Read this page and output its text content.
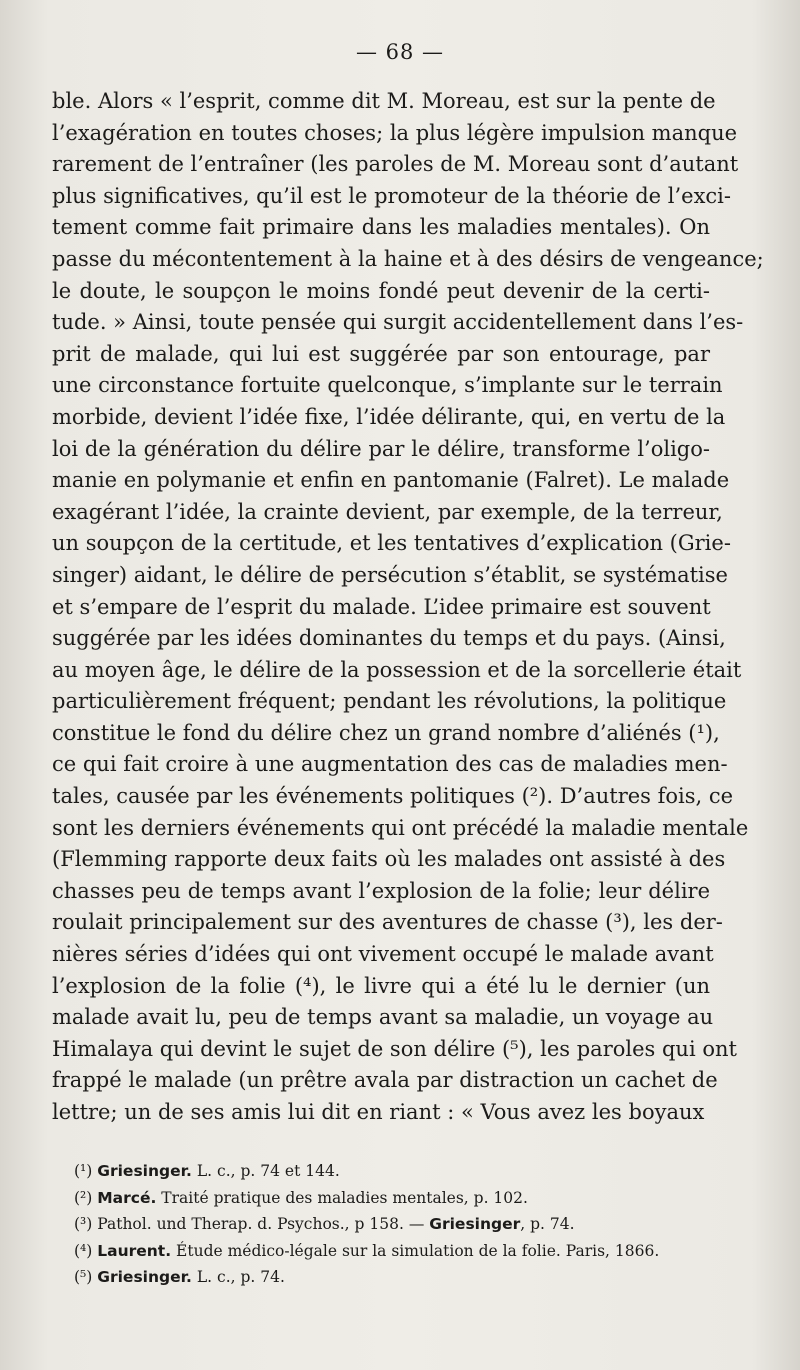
— 68 —
ble. Alors « l’esprit, comme dit M. Moreau, est sur la pente de
l’exagération en toutes choses; la plus légère impulsion manque
rarement de l’entraîner (les paroles de M. Moreau sont d’autant
plus significatives, qu’il est le promoteur de la théorie de l’exci-
tement comme fait primaire dans les maladies mentales). On
passe du mécontentement à la haine et à des désirs de vengeance;
le doute, le soupçon le moins fondé peut devenir de la certi-
tude. » Ainsi, toute pensée qui surgit accidentellement dans l’es-
prit de malade, qui lui est suggérée par son entourage, par
une circonstance fortuite quelconque, s’implante sur le terrain
morbide, devient l’idée fixe, l’idée délirante, qui, en vertu de la
loi de la génération du délire par le délire, transforme l’oligo-
manie en polymanie et enfin en pantomanie (Falret). Le malade
exagérant l’idée, la crainte devient, par exemple, de la terreur,
un soupçon de la certitude, et les tentatives d’explication (Grie-
singer) aidant, le délire de persécution s’établit, se systématise
et s’empare de l’esprit du malade. L’idee primaire est souvent
suggérée par les idées dominantes du temps et du pays. (Ainsi,
au moyen âge, le délire de la possession et de la sorcellerie était
particulièrement fréquent; pendant les révolutions, la politique
constitue le fond du délire chez un grand nombre d’aliénés (¹),
ce qui fait croire à une augmentation des cas de maladies men-
tales, causée par les événements politiques (²). D’autres fois, ce
sont les derniers événements qui ont précédé la maladie mentale
(Flemming rapporte deux faits où les malades ont assisté à des
chasses peu de temps avant l’explosion de la folie; leur délire
roulait principalement sur des aventures de chasse (³), les der-
nières séries d’idées qui ont vivement occupé le malade avant
l’explosion de la folie (⁴), le livre qui a été lu le dernier (un
malade avait lu, peu de temps avant sa maladie, un voyage au
Himalaya qui devint le sujet de son délire (⁵), les paroles qui ont
frappé le malade (un prêtre avala par distraction un cachet de
lettre; un de ses amis lui dit en riant : « Vous avez les boyaux
(¹) Griesinger. L. c., p. 74 et 144.
(²) Marcé. Traité pratique des maladies mentales, p. 102.
(³) Pathol. und Therap. d. Psychos., p 158. — Griesinger, p. 74.
(⁴) Laurent. Étude médico-légale sur la simulation de la folie. Paris, 1866.
(⁵) Griesinger. L. c., p. 74.
